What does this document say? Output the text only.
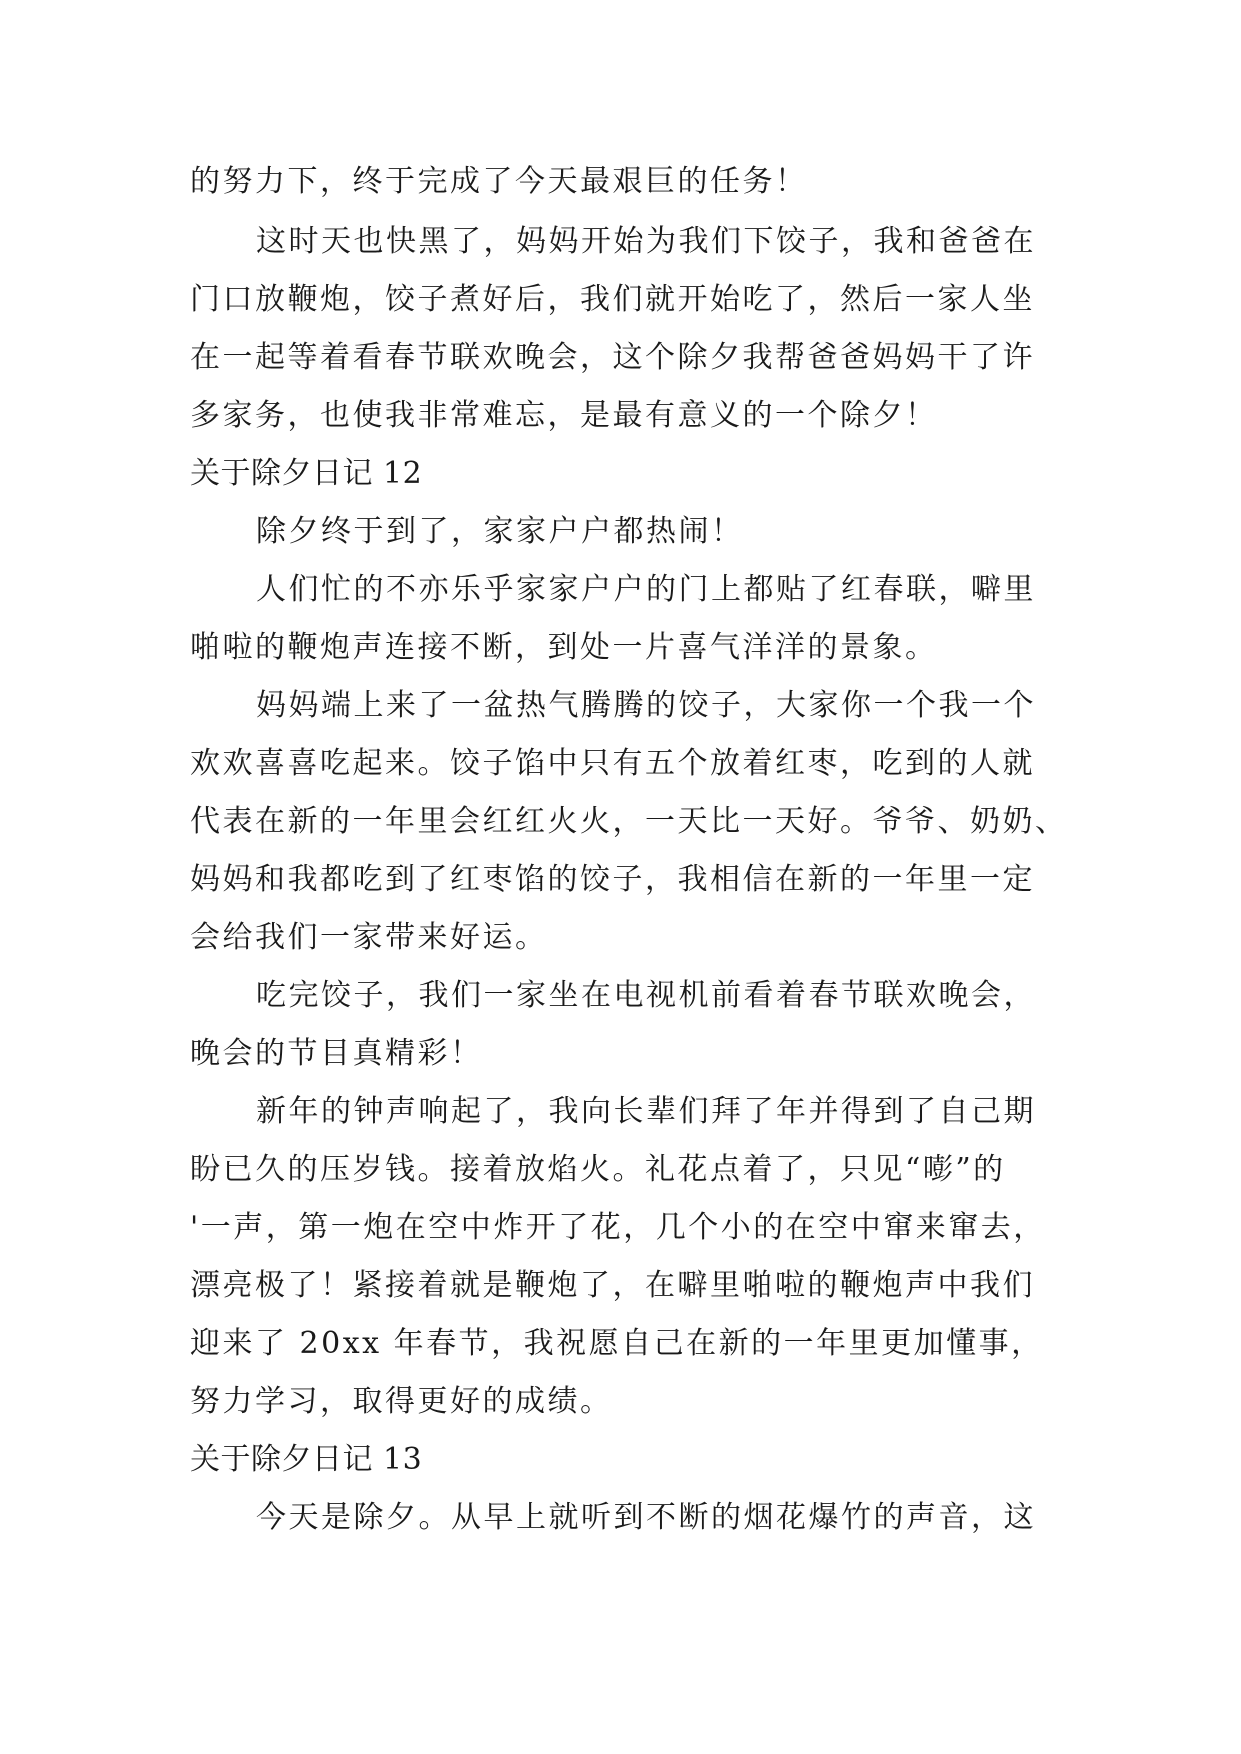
的努力下，终于完成了今天最艰巨的任务！
这时天也快黑了，妈妈开始为我们下饺子，我和爸爸在
门口放鞭炮，饺子煮好后，我们就开始吃了，然后一家人坐
在一起等着看春节联欢晚会，这个除夕我帮爸爸妈妈干了许
多家务，也使我非常难忘，是最有意义的一个除夕！
关于除夕日记 12
除夕终于到了，家家户户都热闹！
人们忙的不亦乐乎家家户户的门上都贴了红春联，噼里
啪啦的鞭炮声连接不断，到处一片喜气洋洋的景象。
妈妈端上来了一盆热气腾腾的饺子，大家你一个我一个
欢欢喜喜吃起来。饺子馅中只有五个放着红枣，吃到的人就
代表在新的一年里会红红火火，一天比一天好。爷爷、奶奶、
妈妈和我都吃到了红枣馅的饺子，我相信在新的一年里一定
会给我们一家带来好运。
吃完饺子，我们一家坐在电视机前看着春节联欢晚会，
晚会的节目真精彩！
新年的钟声响起了，我向长辈们拜了年并得到了自己期
盼已久的压岁钱。接着放焰火。礼花点着了，只见“嘭”的
'一声，第一炮在空中炸开了花，几个小的在空中窜来窜去，
漂亮极了！紧接着就是鞭炮了，在噼里啪啦的鞭炮声中我们
迎来了 20xx 年春节，我祝愿自己在新的一年里更加懂事，
努力学习，取得更好的成绩。
关于除夕日记 13
今天是除夕。从早上就听到不断的烟花爆竹的声音，这
